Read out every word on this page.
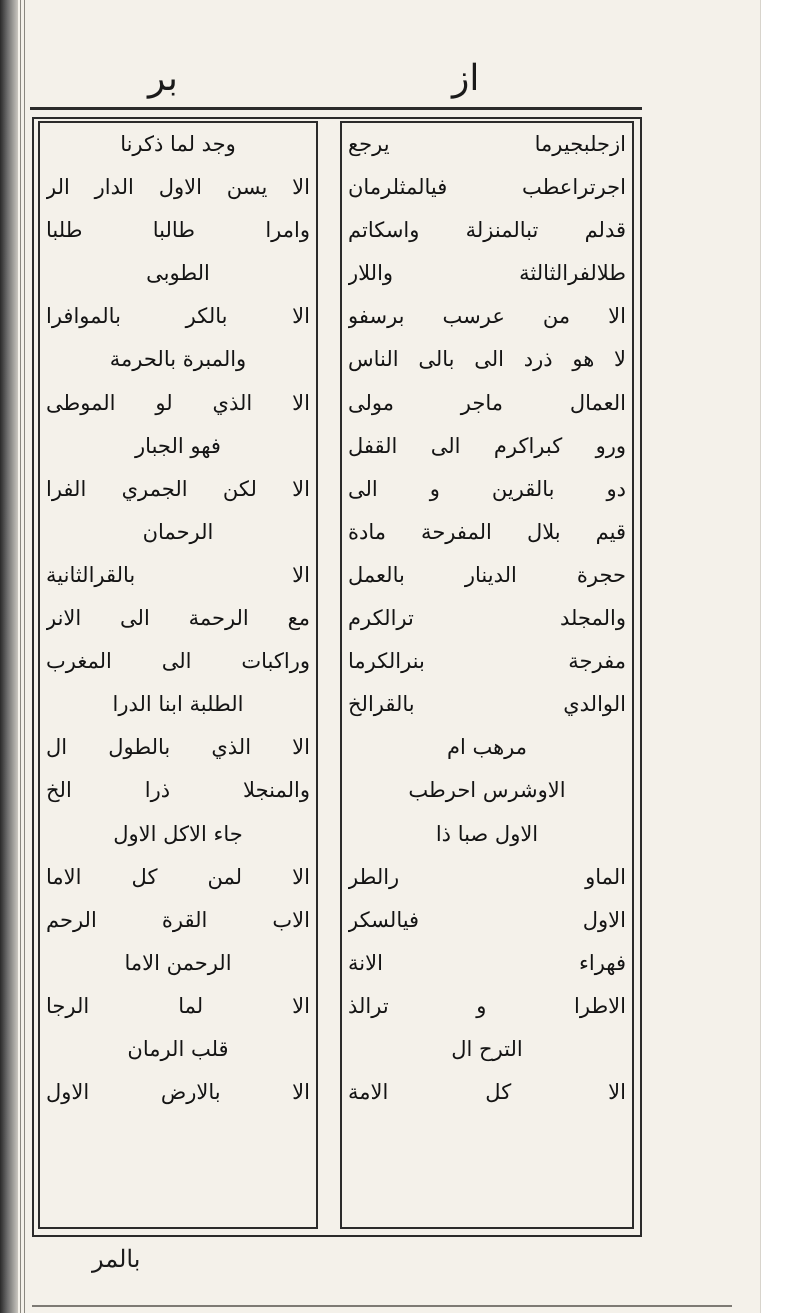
بر	از
ازجلبجيرما يرجع
اجرتراعطب فيالمثلرمان
قدلم تبالمنزلة واسكاتم
طلالفرالثالثة واللار
الا من عرسب برسفو
لا هو ذرد الى بالى الناس
العمال ماجر مولى
ورو كبراكرم الى القفل
دو بالقرين و الى
قيم بلال المفرحة مادة
حجرة الدينار بالعمل
والمجلد ترالكرم
مفرجة بنرالكرما
الوالدي بالقرالخ
مرهب ام
الاوشرس احرطب
الاول صبا ذا
الماو رالطر
الاول فيالسكر
فهراء الانة
الاطرا و ترالذ
الترح ال
الا كل الامة
وجد لما ذكرنا
الا يسن الاول الدار الر
وامرا طالبا طلبا
الطوبى
الا بالكر بالموافرا
والمبرة بالحرمة
الا الذي لو الموطى
فهو الجبار
الا لكن الجمري الفرا
الرحمان
الا بالقرالثانية
مع الرحمة الى الانر
وراكبات الى المغرب
الطلبة ابنا الدرا
الا الذي بالطول ال
والمنجلا ذرا الخ
جاء الاكل الاول
الا لمن كل الاما
الاب القرة الرحم
الرحمن الاما
الا لما الرجا
قلب الرمان
الا بالارض الاول
بالمر
